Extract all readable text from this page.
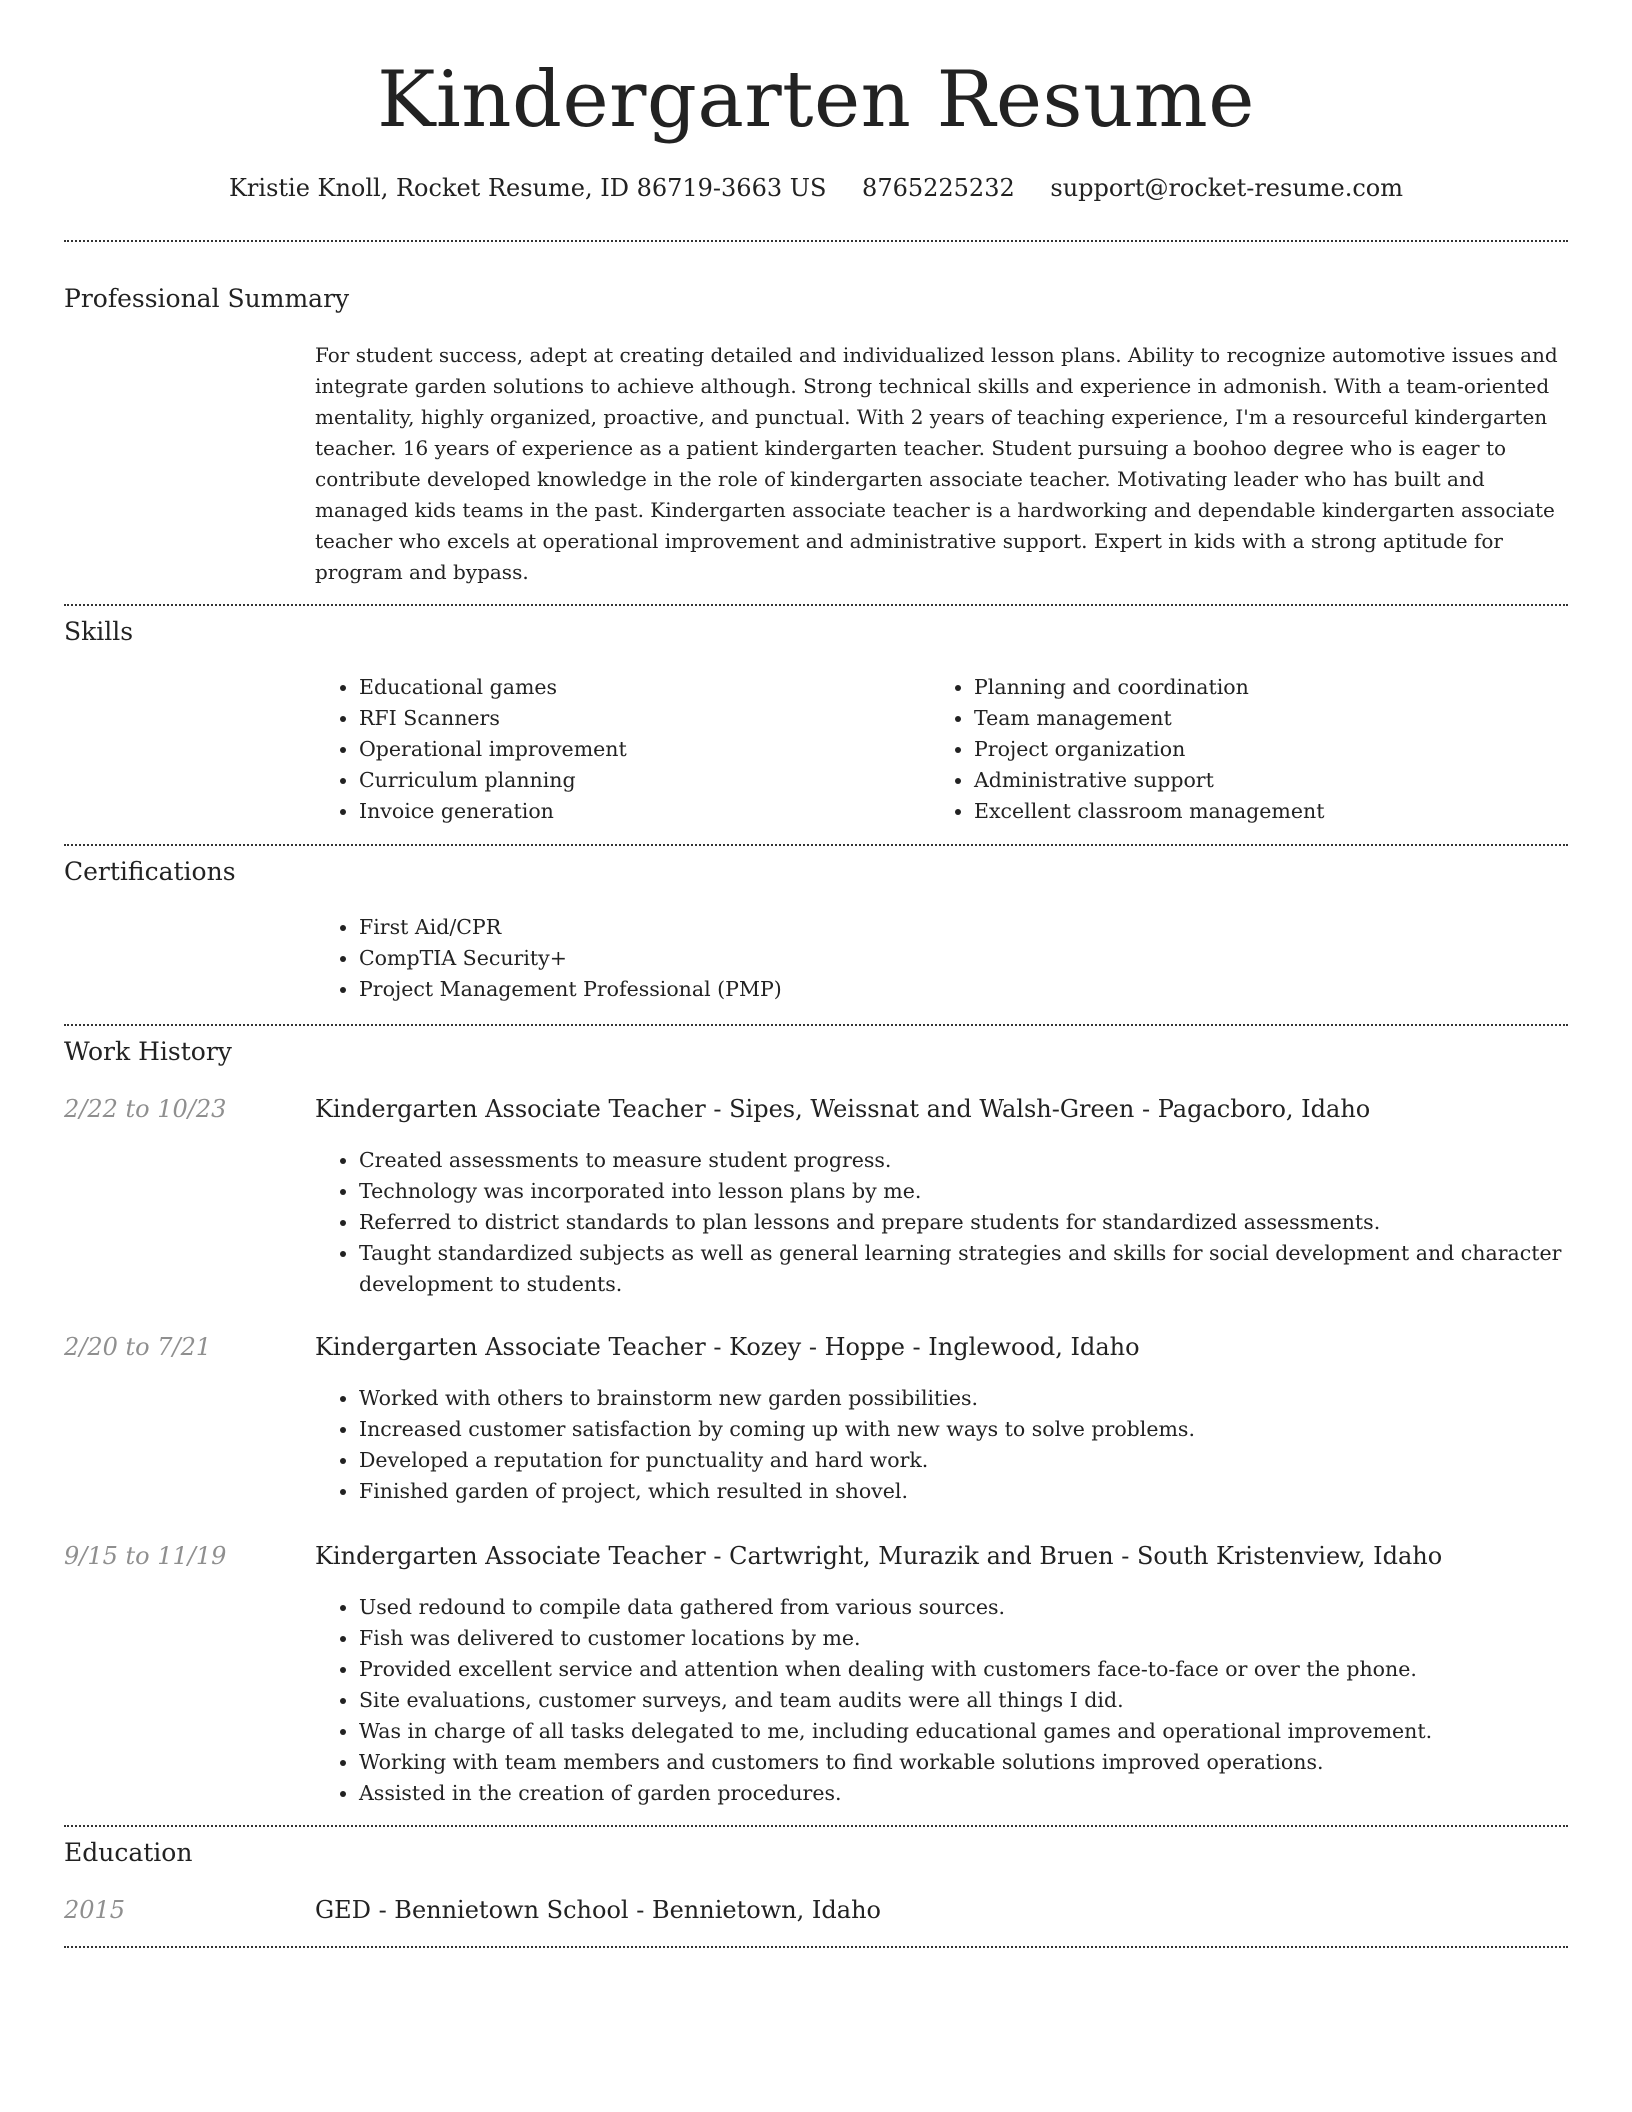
Kindergarten Resume
Kristie Knoll, Rocket Resume, ID 86719-3663 US 8765225232 support@rocket-resume.com
Professional Summary

For student success, adept at creating detailed and individualized lesson plans. Ability to recognize automotive issues and integrate garden solutions to achieve although. Strong technical skills and experience in admonish. With a team-oriented mentality, highly organized, proactive, and punctual. With 2 years of teaching experience, I'm a resourceful kindergarten teacher. 16 years of experience as a patient kindergarten teacher. Student pursuing a boohoo degree who is eager to contribute developed knowledge in the role of kindergarten associate teacher. Motivating leader who has built and managed kids teams in the past. Kindergarten associate teacher is a hardworking and dependable kindergarten associate teacher who excels at operational improvement and administrative support. Expert in kids with a strong aptitude for program and bypass.

Skills
• Educational games
• RFI Scanners
• Operational improvement
• Curriculum planning
• Invoice generation
• Planning and coordination
• Team management
• Project organization
• Administrative support
• Excellent classroom management
Certifications
• First Aid/CPR
• CompTIA Security+
• Project Management Professional (PMP)
Work History
2/22 to 10/23	Kindergarten Associate Teacher - Sipes, Weissnat and Walsh-Green - Pagacboro, Idaho
• Created assessments to measure student progress.
• Technology was incorporated into lesson plans by me.
• Referred to district standards to plan lessons and prepare students for standardized assessments.
• Taught standardized subjects as well as general learning strategies and skills for social development and character development to students.
2/20 to 7/21	Kindergarten Associate Teacher - Kozey - Hoppe - Inglewood, Idaho
• Worked with others to brainstorm new garden possibilities.
• Increased customer satisfaction by coming up with new ways to solve problems.
• Developed a reputation for punctuality and hard work.
• Finished garden of project, which resulted in shovel.
9/15 to 11/19	Kindergarten Associate Teacher - Cartwright, Murazik and Bruen - South Kristenview, Idaho
• Used redound to compile data gathered from various sources.
• Fish was delivered to customer locations by me.
• Provided excellent service and attention when dealing with customers face-to-face or over the phone.
• Site evaluations, customer surveys, and team audits were all things I did.
• Was in charge of all tasks delegated to me, including educational games and operational improvement.
• Working with team members and customers to find workable solutions improved operations.
• Assisted in the creation of garden procedures.
Education
2015	GED - Bennietown School - Bennietown, Idaho
